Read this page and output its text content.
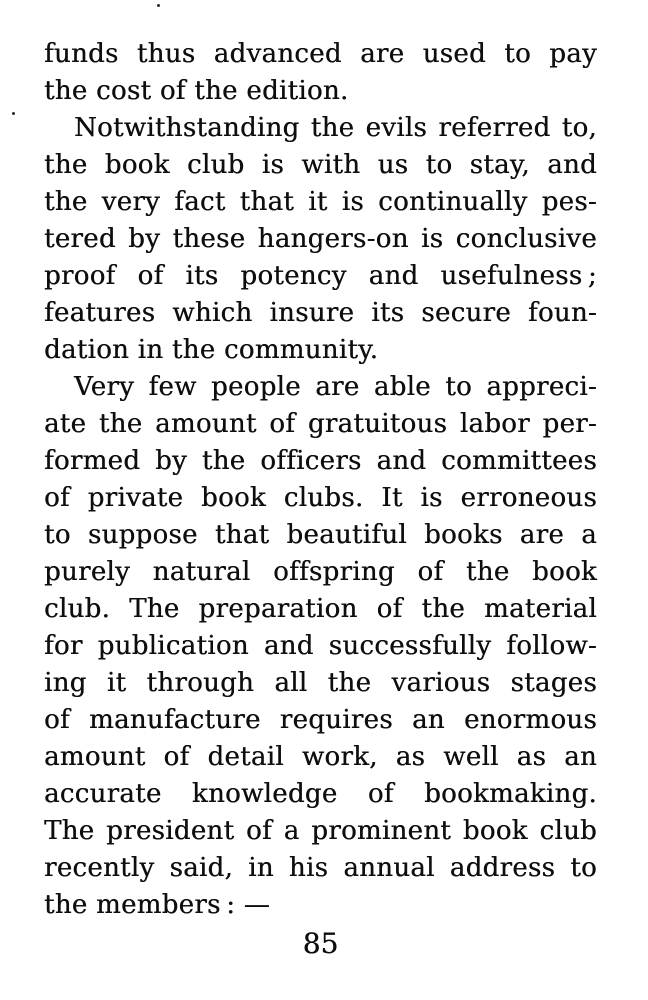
funds thus advanced are used to pay
the cost of the edition.
Notwithstanding the evils referred to,
the book club is with us to stay, and
the very fact that it is continually pes-
tered by these hangers-on is conclusive
proof of its potency and usefulness ;
features which insure its secure foun-
dation in the community.
Very few people are able to appreci-
ate the amount of gratuitous labor per-
formed by the officers and committees
of private book clubs. It is erroneous
to suppose that beautiful books are a
purely natural offspring of the book
club. The preparation of the material
for publication and successfully follow-
ing it through all the various stages
of manufacture requires an enormous
amount of detail work, as well as an
accurate knowledge of bookmaking.
The president of a prominent book club
recently said, in his annual address to
the members : —
85
